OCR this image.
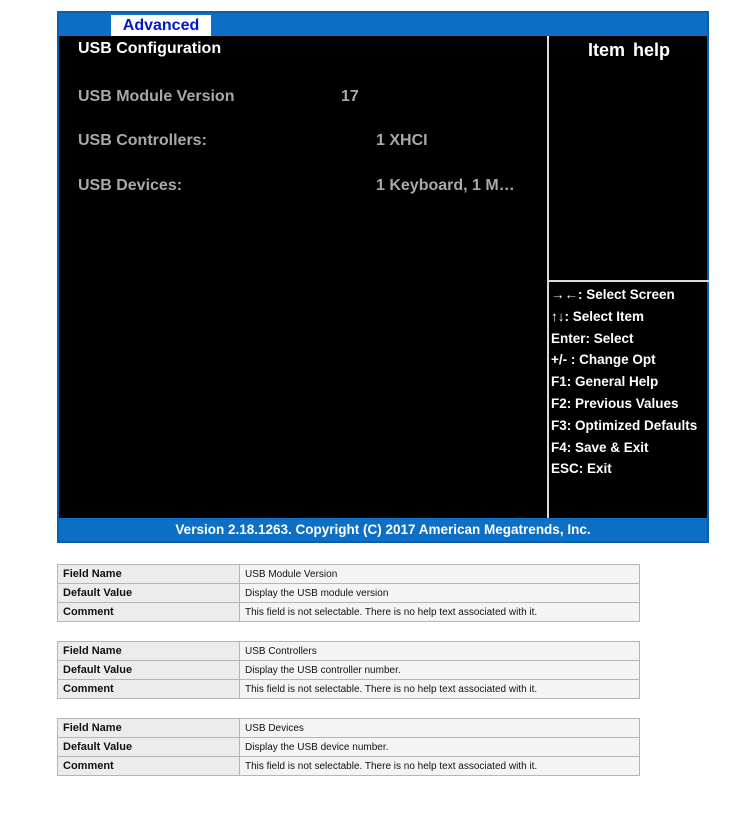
Advanced
USB Configuration
USB Module Version	17
USB Controllers:	1 XHCI
USB Devices:	1 Keyboard, 1 M…
Item help
→←: Select Screen
↑↓: Select Item
Enter: Select
+/- : Change Opt
F1: General Help
F2: Previous Values
F3: Optimized Defaults
F4: Save & Exit
ESC: Exit
Version 2.18.1263. Copyright (C) 2017 American Megatrends, Inc.
Field Name	USB Module Version
Default Value	Display the USB module version
Comment	This field is not selectable. There is no help text associated with it.
Field Name	USB Controllers
Default Value	Display the USB controller number.
Comment	This field is not selectable. There is no help text associated with it.
Field Name	USB Devices
Default Value	Display the USB device number.
Comment	This field is not selectable. There is no help text associated with it.
